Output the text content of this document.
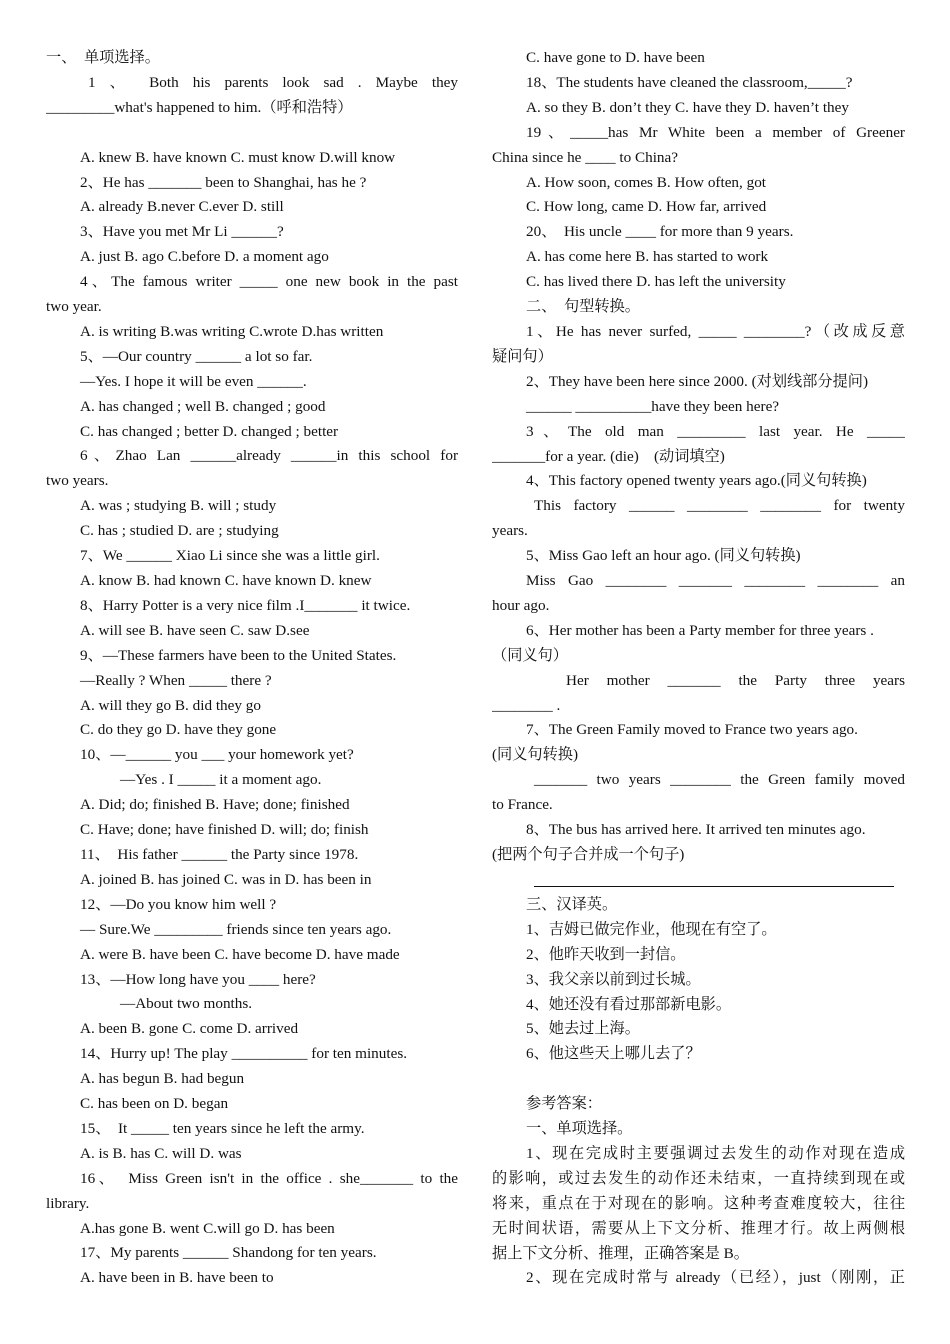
一、　单项选择。
1 、 Both his parents look sad . Maybe they
_________what's happened to him.（呼和浩特）
A. knew B. have known C. must know D.will know
2、He has _______ been to Shanghai, has he ?
A. already B.never C.ever D. still
3、Have you met Mr Li ______?
A. just B. ago C.before D. a moment ago
4、The famous writer _____ one new book in the past
two year.
A. is writing B.was writing C.wrote D.has written
5、—Our country ______ a lot so far.
—Yes. I hope it will be even ______.
A. has changed ; well B. changed ; good
C. has changed ; better D. changed ; better
6、Zhao Lan ______already ______in this school for
two years.
A. was ; studying B. will ; study
C. has ; studied D. are ; studying
7、We ______ Xiao Li since she was a little girl.
A. know B. had known C. have known D. knew
8、Harry Potter is a very nice film .I_______ it twice.
A. will see B. have seen C. saw D.see
9、—These farmers have been to the United States.
—Really ? When _____ there ?
A. will they go B. did they go
C. do they go D. have they gone
10、—______ you ___ your homework yet?
—Yes . I _____ it a moment ago.
A. Did; do; finished B. Have; done; finished
C. Have; done; have finished D. will; do; finish
11、　His father ______ the Party since 1978.
A. joined B. has joined C. was in D. has been in
12、—Do you know him well ?
— Sure.We _________ friends since ten years ago.
A. were B. have been C. have become D. have made
13、—How long have you ____ here?
—About two months.
A. been B. gone C. come D. arrived
14、Hurry up! The play __________ for ten minutes.
A. has begun B. had begun
C. has been on D. began
15、　It _____ ten years since he left the army.
A. is B. has C. will D. was
16、　Miss Green isn't in the office . she_______ to the
library.
A.has gone B. went C.will go D. has been
17、My parents ______ Shandong for ten years.
A. have been in B. have been to
C. have gone to D. have been
18、The students have cleaned the classroom,_____?
A. so they B. don’t they C. have they D. haven’t they
19、_____has Mr White been a member of Greener
China since he ____ to China?
A. How soon, comes B. How often, got
C. How long, came D. How far, arrived
20、　His uncle ____ for more than 9 years.
A. has come here B. has started to work
C. has lived there D. has left the university
二、　句型转换。
1、He has never surfed, _____ ________?（改成反意
疑问句）
2、They have been here since 2000. (对划线部分提问)
______ __________have they been here?
3、The old man _________ last year. He _____
_______for a year. (die)　(动词填空)
4、This factory opened twenty years ago.(同义句转换)
This factory ______ ________ ________ for twenty
years.
5、Miss Gao left an hour ago. (同义句转换)
Miss Gao ________ _______ ________ ________ an
hour ago.
6、Her mother has been a Party member for three years .
（同义句）
Her mother _______ the Party three years
________ .
7、The Green Family moved to France two years ago.
(同义句转换)
_______ two years ________ the Green family moved
to France.
8、The bus has arrived here. It arrived ten minutes ago.
(把两个句子合并成一个句子)
三、汉译英。
1、吉姆已做完作业，他现在有空了。
2、他昨天收到一封信。
3、我父亲以前到过长城。
4、她还没有看过那部新电影。
5、她去过上海。
6、他这些天上哪儿去了？
参考答案：
一、单项选择。
1、现在完成时主要强调过去发生的动作对现在造成
的影响，或过去发生的动作还未结束，一直持续到现在或
将来，重点在于对现在的影响。这种考查难度较大，往往
无时间状语，需要从上下文分析、推理才行。故上两侧根
据上下文分析、推理，正确答案是 B。
2、现在完成时常与 already（已经），just（刚刚，正
